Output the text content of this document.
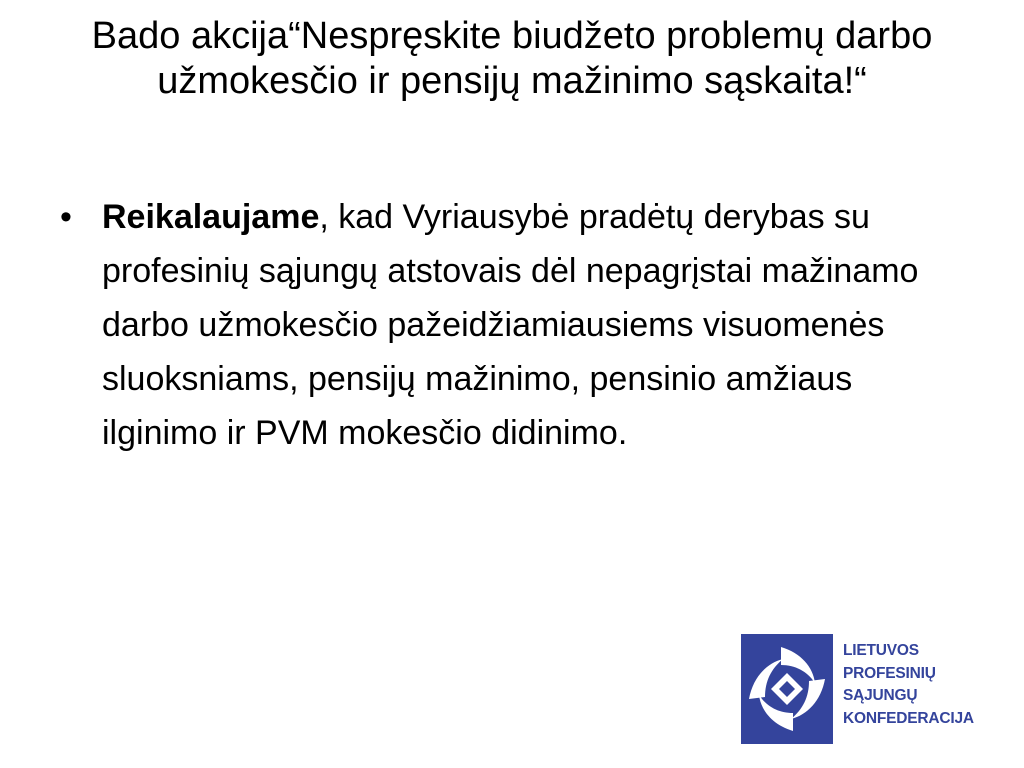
Bado akcija“Nespręskite biudžeto problemų darbo užmokesčio ir pensijų mažinimo sąskaita!“
• Reikalaujame, kad Vyriausybė pradėtų derybas su profesinių sąjungų atstovais dėl nepagrįstai mažinamo darbo užmokesčio pažeidžiamiausiems visuomenės sluoksniams, pensijų mažinimo, pensinio amžiaus ilginimo ir PVM mokesčio didinimo.
LIETUVOS
PROFESINIŲ
SĄJUNGŲ
KONFEDERACIJA
